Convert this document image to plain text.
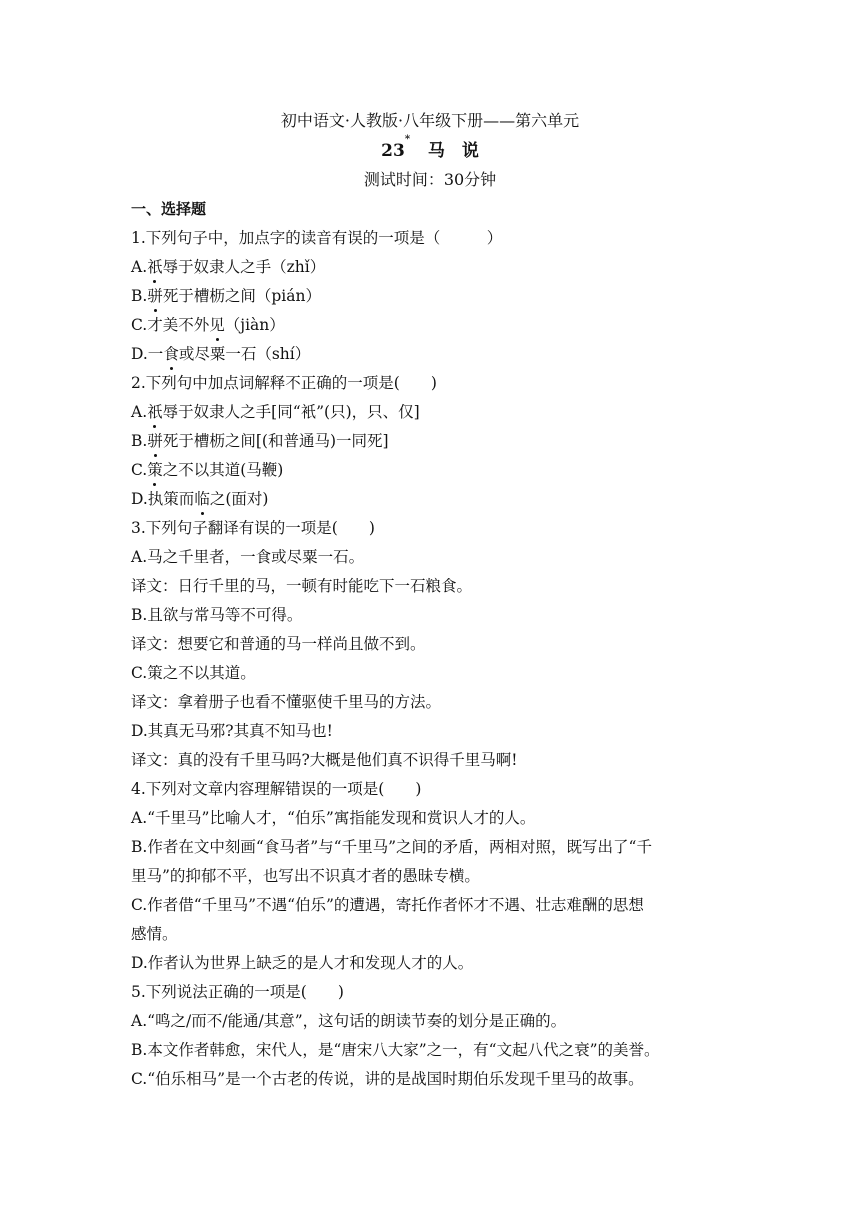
初中语文·人教版·八年级下册——第六单元
23*   马　说
测试时间：30分钟
一、选择题
1.下列句子中，加点字的读音有误的一项是（　　　）
A.祇辱于奴隶人之手（zhǐ）
B.骈死于槽枥之间（pián）
C.才美不外见（jiàn）
D.一食或尽粟一石（shí）
2.下列句中加点词解释不正确的一项是(　　)
A.祇辱于奴隶人之手[同“衹”(只)，只、仅]
B.骈死于槽枥之间[(和普通马)一同死]
C.策之不以其道(马鞭)
D.执策而临之(面对)
3.下列句子翻译有误的一项是(　　)
A.马之千里者，一食或尽粟一石。
译文：日行千里的马，一顿有时能吃下一石粮食。
B.且欲与常马等不可得。
译文：想要它和普通的马一样尚且做不到。
C.策之不以其道。
译文：拿着册子也看不懂驱使千里马的方法。
D.其真无马邪?其真不知马也!
译文：真的没有千里马吗?大概是他们真不识得千里马啊!
4.下列对文章内容理解错误的一项是(　　)
A.“千里马”比喻人才，“伯乐”寓指能发现和赏识人才的人。
B.作者在文中刻画“食马者”与“千里马”之间的矛盾，两相对照，既写出了“千
里马”的抑郁不平，也写出不识真才者的愚昧专横。
C.作者借“千里马”不遇“伯乐”的遭遇，寄托作者怀才不遇、壮志难酬的思想
感情。
D.作者认为世界上缺乏的是人才和发现人才的人。
5.下列说法正确的一项是(　　)
A.“鸣之/而不/能通/其意”，这句话的朗读节奏的划分是正确的。
B.本文作者韩愈，宋代人，是“唐宋八大家”之一，有“文起八代之衰”的美誉。
C.“伯乐相马”是一个古老的传说，讲的是战国时期伯乐发现千里马的故事。
